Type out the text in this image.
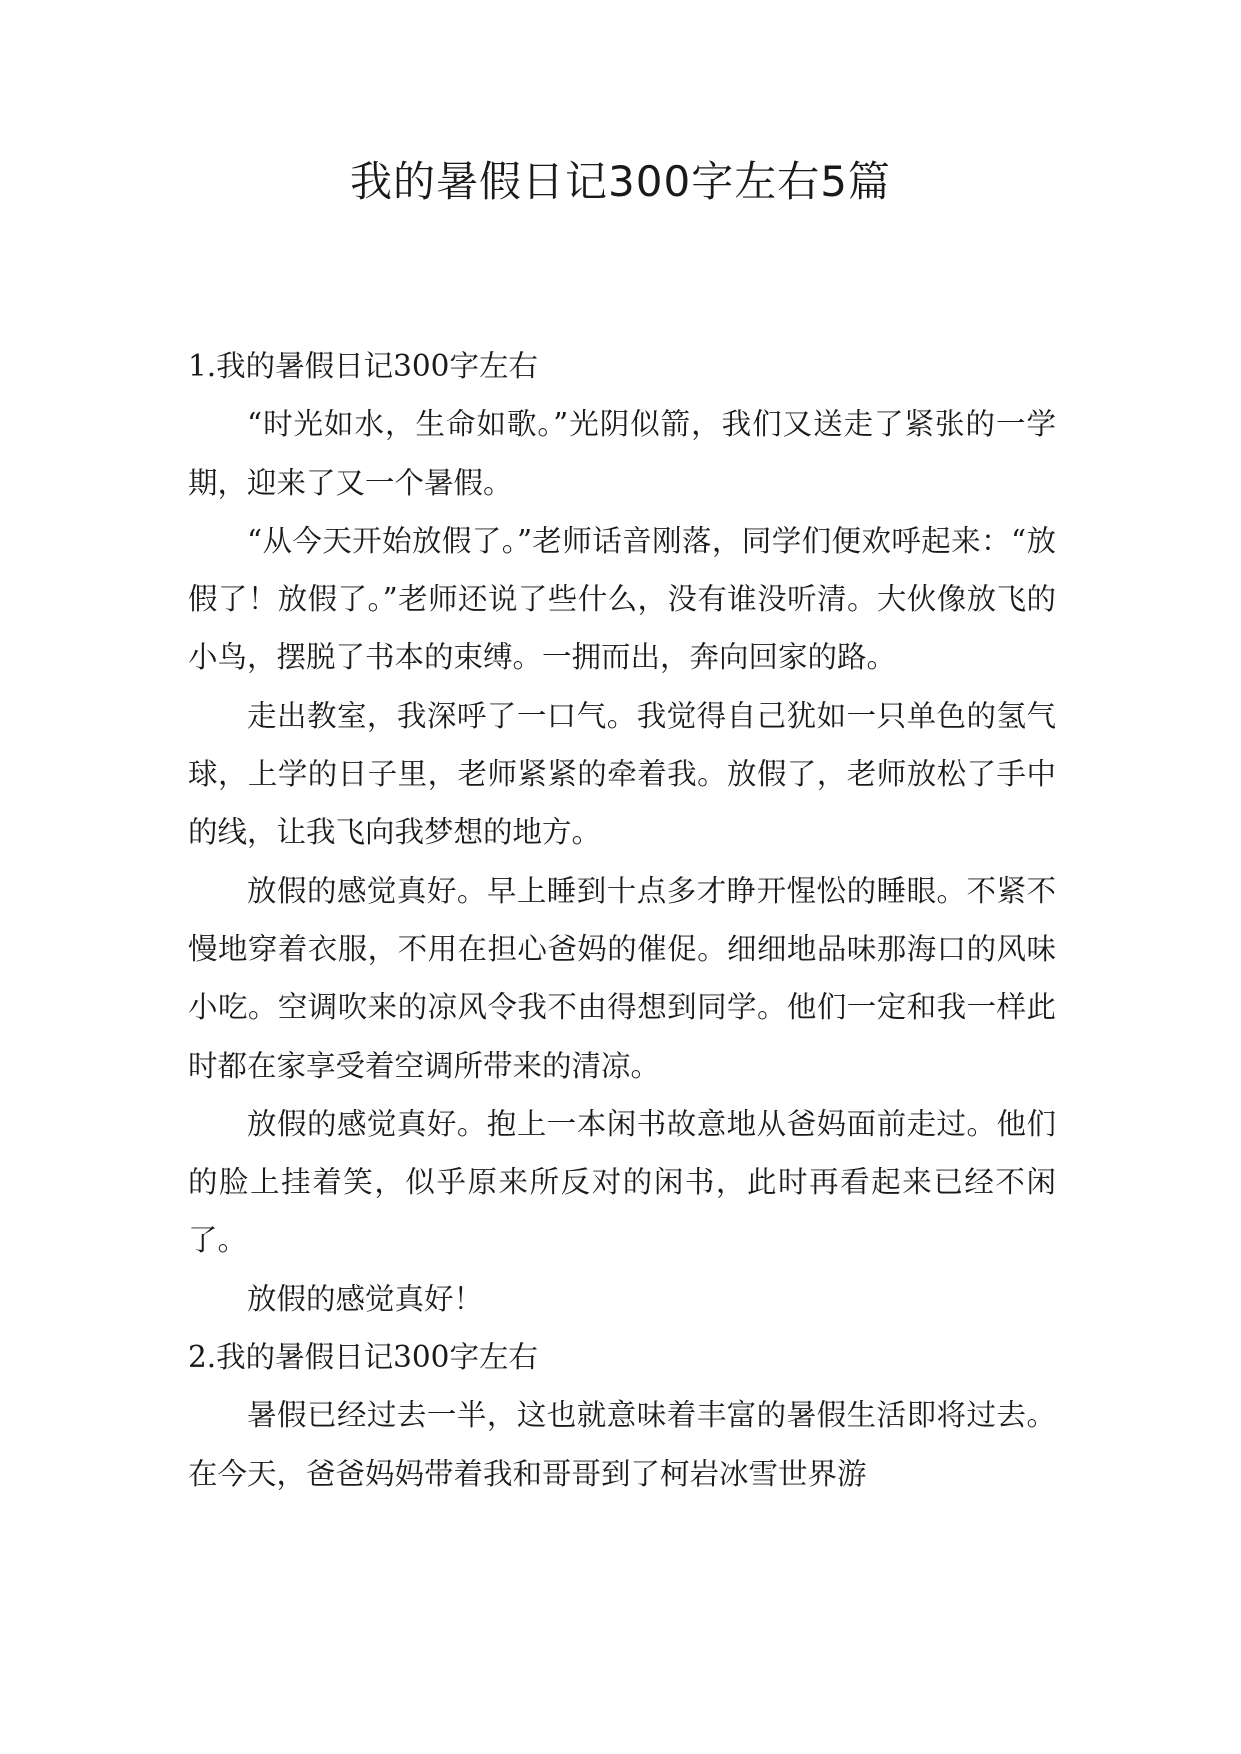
我的暑假日记300字左右5篇
1.我的暑假日记300字左右

“时光如水，生命如歌。”光阴似箭，我们又送走了紧张的一学期，迎来了又一个暑假。

“从今天开始放假了。”老师话音刚落，同学们便欢呼起来：“放假了！放假了。”老师还说了些什么，没有谁没听清。大伙像放飞的小鸟，摆脱了书本的束缚。一拥而出，奔向回家的路。

走出教室，我深呼了一口气。我觉得自己犹如一只单色的氢气球，上学的日子里，老师紧紧的牵着我。放假了，老师放松了手中的线，让我飞向我梦想的地方。

放假的感觉真好。早上睡到十点多才睁开惺忪的睡眼。不紧不慢地穿着衣服，不用在担心爸妈的催促。细细地品味那海口的风味小吃。空调吹来的凉风令我不由得想到同学。他们一定和我一样此时都在家享受着空调所带来的清凉。

放假的感觉真好。抱上一本闲书故意地从爸妈面前走过。他们的脸上挂着笑，似乎原来所反对的闲书，此时再看起来已经不闲了。

放假的感觉真好！

2.我的暑假日记300字左右

暑假已经过去一半，这也就意味着丰富的暑假生活即将过去。在今天，爸爸妈妈带着我和哥哥到了柯岩冰雪世界游
